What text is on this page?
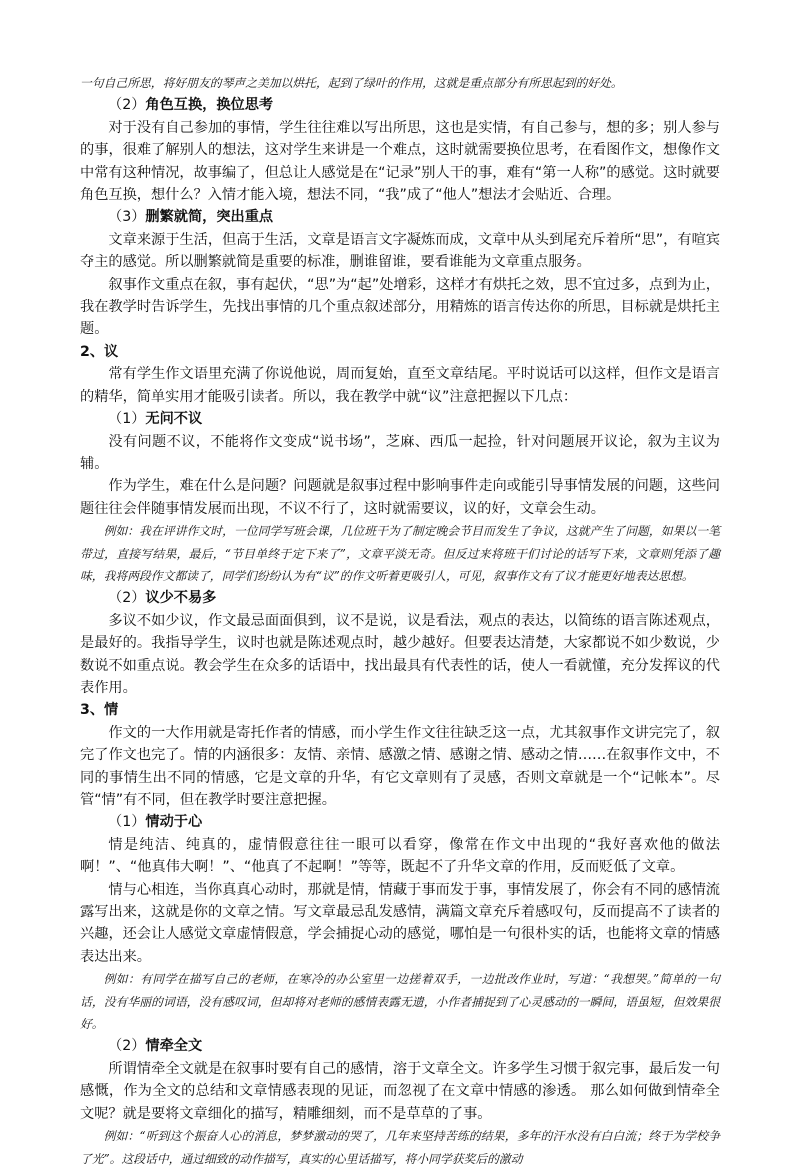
一句自己所思，将好朋友的琴声之美加以烘托，起到了绿叶的作用，这就是重点部分有所思起到的好处。

（2）角色互换，换位思考

对于没有自己参加的事情，学生往往难以写出所思，这也是实情，有自己参与，想的多；别人参与的事，很难了解别人的想法，这对学生来讲是一个难点，这时就需要换位思考，在看图作文，想像作文中常有这种情况，故事编了，但总让人感觉是在“记录”别人干的事，难有“第一人称”的感觉。这时就要角色互换，想什么？入情才能入境，想法不同，“我”成了“他人”想法才会贴近、合理。

（3）删繁就简，突出重点

文章来源于生活，但高于生活，文章是语言文字凝炼而成，文章中从头到尾充斥着所“思”，有喧宾夺主的感觉。所以删繁就简是重要的标准，删谁留谁，要看谁能为文章重点服务。

叙事作文重点在叙，事有起伏，“思”为“起”处增彩，这样才有烘托之效，思不宜过多，点到为止，我在教学时告诉学生，先找出事情的几个重点叙述部分，用精炼的语言传达你的所思，目标就是烘托主题。

2、议

常有学生作文语里充满了你说他说，周而复始，直至文章结尾。平时说话可以这样，但作文是语言的精华，简单实用才能吸引读者。所以，我在教学中就“议”注意把握以下几点：

（1）无问不议

没有问题不议，不能将作文变成“说书场”，芝麻、西瓜一起捡，针对问题展开议论，叙为主议为辅。

作为学生，难在什么是问题？问题就是叙事过程中影响事件走向或能引导事情发展的问题，这些问题往往会伴随事情发展而出现，不议不行了，这时就需要议，议的好，文章会生动。

例如：我在评讲作文时，一位同学写班会课，几位班干为了制定晚会节目而发生了争议，这就产生了问题，如果以一笔带过，直接写结果，最后，“节目单终于定下来了”，文章平淡无奇。但反过来将班干们讨论的话写下来，文章则凭添了趣味，我将两段作文都读了，同学们纷纷认为有“议”的作文听着更吸引人，可见，叙事作文有了议才能更好地表达思想。

（2）议少不易多

多议不如少议，作文最忌面面俱到，议不是说，议是看法，观点的表达，以简练的语言陈述观点，是最好的。我指导学生，议时也就是陈述观点时，越少越好。但要表达清楚，大家都说不如少数说，少数说不如重点说。教会学生在众多的话语中，找出最具有代表性的话，使人一看就懂，充分发挥议的代表作用。

3、情

作文的一大作用就是寄托作者的情感，而小学生作文往往缺乏这一点，尤其叙事作文讲完完了，叙完了作文也完了。情的内涵很多：友情、亲情、感激之情、感谢之情、感动之情……在叙事作文中，不同的事情生出不同的情感，它是文章的升华，有它文章则有了灵感，否则文章就是一个“记帐本”。尽管“情”有不同，但在教学时要注意把握。

（1）情动于心

情是纯洁、纯真的，虚情假意往往一眼可以看穿，像常在作文中出现的“我好喜欢他的做法啊！”、“他真伟大啊！”、“他真了不起啊！”等等，既起不了升华文章的作用，反而贬低了文章。

情与心相连，当你真真心动时，那就是情，情藏于事而发于事，事情发展了，你会有不同的感情流露写出来，这就是你的文章之情。写文章最忌乱发感情，满篇文章充斥着感叹句，反而提高不了读者的兴趣，还会让人感觉文章虚情假意，学会捕捉心动的感觉，哪怕是一句很朴实的话，也能将文章的情感表达出来。

例如：有同学在描写自己的老师，在寒冷的办公室里一边搓着双手，一边批改作业时，写道：“我想哭。”简单的一句话，没有华丽的词语，没有感叹词，但却将对老师的感情表露无遗，小作者捕捉到了心灵感动的一瞬间，语虽短，但效果很好。

（2）情牵全文

所谓情牵全文就是在叙事时要有自己的感情，溶于文章全文。许多学生习惯于叙完事，最后发一句感慨，作为全文的总结和文章情感表现的见证，而忽视了在文章中情感的渗透。 那么如何做到情牵全文呢？就是要将文章细化的描写，精雕细刻，而不是草草的了事。

例如：“听到这个振奋人心的消息，梦梦激动的哭了，几年来坚持苦练的结果，多年的汗水没有白白流；终于为学校争了光”。这段话中，通过细致的动作描写，真实的心里话描写，将小同学获奖后的激动
